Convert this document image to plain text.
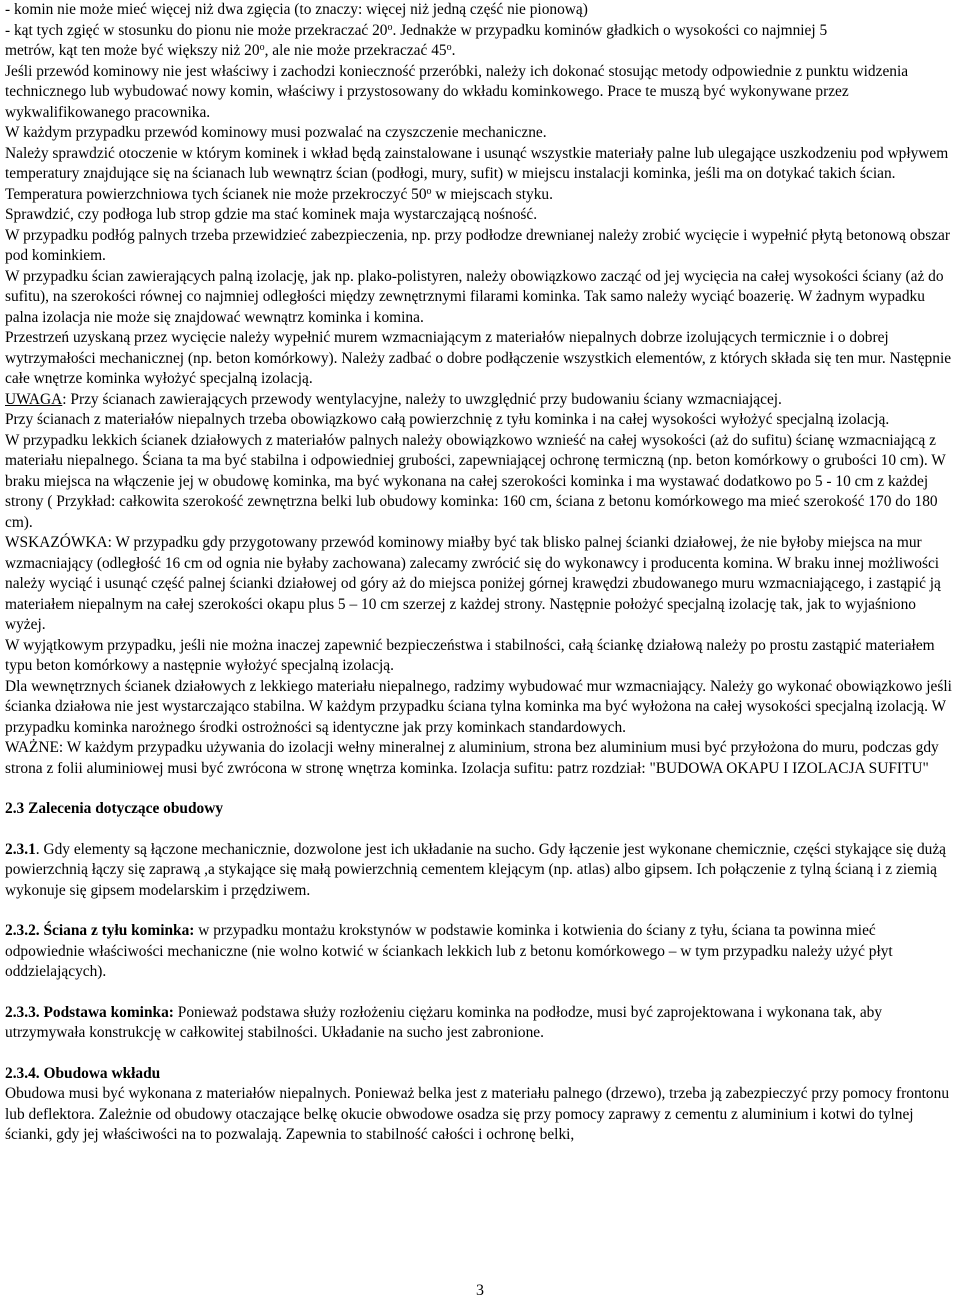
- komin nie może mieć więcej niż dwa zgięcia (to znaczy: więcej niż jedną część nie pionową)

- kąt tych zgięć w stosunku do pionu nie może przekraczać 20$^o$. Jednakże w przypadku kominów gładkich o wysokości co najmniej 5

metrów, kąt ten może być większy niż 20$^o$, ale nie może przekraczać 45$^o$.

Jeśli przewód kominowy nie jest właściwy i zachodzi konieczność przeróbki, należy ich dokonać stosując metody odpowiednie z punktu widzenia technicznego lub wybudować nowy komin, właściwy i przystosowany do wkładu kominkowego. Prace te muszą być wykonywane przez wykwalifikowanego pracownika.

W każdym przypadku przewód kominowy musi pozwalać na czyszczenie mechaniczne.

Należy sprawdzić otoczenie w którym kominek i wkład będą zainstalowane i usunąć wszystkie materiały palne lub ulegające uszkodzeniu pod wpływem temperatury znajdujące się na ścianach lub wewnątrz ścian (podłogi, mury, sufit) w miejscu instalacji kominka, jeśli ma on dotykać takich ścian.

Temperatura powierzchniowa tych ścianek nie może przekroczyć 50$^o$ w miejscach styku.

Sprawdzić, czy podłoga lub strop gdzie ma stać kominek maja wystarczającą nośność.

W przypadku podłóg palnych trzeba przewidzieć zabezpieczenia, np. przy podłodze drewnianej należy zrobić wycięcie i wypełnić płytą betonową obszar pod kominkiem.

W przypadku ścian zawierających palną izolację, jak np. plako-polistyren, należy obowiązkowo zacząć od jej wycięcia na całej wysokości ściany (aż do sufitu), na szerokości równej co najmniej odległości między zewnętrznymi filarami kominka. Tak samo należy wyciąć boazerię. W żadnym wypadku palna izolacja nie może się znajdować wewnątrz kominka i komina.

Przestrzeń uzyskaną przez wycięcie należy wypełnić murem wzmacniającym z materiałów niepalnych dobrze izolujących termicznie i o dobrej wytrzymałości mechanicznej (np. beton komórkowy). Należy zadbać o dobre podłączenie wszystkich elementów, z których składa się ten mur. Następnie całe wnętrze kominka wyłożyć specjalną izolacją.

UWAGA: Przy ścianach zawierających przewody wentylacyjne, należy to uwzględnić przy budowaniu ściany wzmacniającej.

Przy ścianach z materiałów niepalnych trzeba obowiązkowo całą powierzchnię z tyłu kominka i na całej wysokości wyłożyć specjalną izolacją.

W przypadku lekkich ścianek działowych z materiałów palnych należy obowiązkowo wznieść na całej wysokości (aż do sufitu) ścianę wzmacniającą z materiału niepalnego. Ściana ta ma być stabilna i odpowiedniej grubości, zapewniającej ochronę termiczną (np. beton komórkowy o grubości 10 cm). W braku miejsca na włączenie jej w obudowę kominka, ma być wykonana na całej szerokości kominka i ma wystawać dodatkowo po 5 - 10 cm z każdej strony ( Przykład: całkowita szerokość zewnętrzna belki lub obudowy kominka: 160 cm, ściana z betonu komórkowego ma mieć szerokość 170 do 180 cm).

WSKAZÓWKA: W przypadku gdy przygotowany przewód kominowy miałby być tak blisko palnej ścianki działowej, że nie byłoby miejsca na mur wzmacniający (odległość 16 cm od ognia nie byłaby zachowana) zalecamy zwrócić się do wykonawcy i producenta komina. W braku innej możliwości należy wyciąć i usunąć część palnej ścianki działowej od góry aż do miejsca poniżej górnej krawędzi zbudowanego muru wzmacniającego, i zastąpić ją materiałem niepalnym na całej szerokości okapu plus 5 – 10 cm szerzej z każdej strony. Następnie położyć specjalną izolację tak, jak to wyjaśniono wyżej.

W wyjątkowym przypadku, jeśli nie można inaczej zapewnić bezpieczeństwa i stabilności, całą ściankę działową należy po prostu zastąpić materiałem typu beton komórkowy a następnie wyłożyć specjalną izolacją.

Dla wewnętrznych ścianek działowych z lekkiego materiału niepalnego, radzimy wybudować mur wzmacniający. Należy go wykonać obowiązkowo jeśli ścianka działowa nie jest wystarczająco stabilna. W każdym przypadku ściana tylna kominka ma być wyłożona na całej wysokości specjalną izolacją. W przypadku kominka narożnego środki ostrożności są identyczne jak przy kominkach standardowych.

WAŻNE: W każdym przypadku używania do izolacji wełny mineralnej z aluminium, strona bez aluminium musi być przyłożona do muru, podczas gdy strona z folii aluminiowej musi być zwrócona w stronę wnętrza kominka. Izolacja sufitu: patrz rozdział: "BUDOWA OKAPU I IZOLACJA SUFITU"

2.3 Zalecenia dotyczące obudowy

2.3.1. Gdy elementy są łączone mechanicznie, dozwolone jest ich układanie na sucho. Gdy łączenie jest wykonane chemicznie, części stykające się dużą powierzchnią łączy się zaprawą ,a stykające się małą powierzchnią cementem klejącym (np. atlas) albo gipsem. Ich połączenie z tylną ścianą i z ziemią wykonuje się gipsem modelarskim i przędziwem.

2.3.2. Ściana z tyłu kominka: w przypadku montażu krokstynów w podstawie kominka i kotwienia do ściany z tyłu, ściana ta powinna mieć odpowiednie właściwości mechaniczne (nie wolno kotwić w ściankach lekkich lub z betonu komórkowego – w tym przypadku należy użyć płyt oddzielających).

2.3.3. Podstawa kominka: Ponieważ podstawa służy rozłożeniu ciężaru kominka na podłodze, musi być zaprojektowana i wykonana tak, aby utrzymywała konstrukcję w całkowitej stabilności. Układanie na sucho jest zabronione.

2.3.4. Obudowa wkładu

Obudowa musi być wykonana z materiałów niepalnych. Ponieważ belka jest z materiału palnego (drzewo), trzeba ją zabezpieczyć przy pomocy frontonu lub deflektora. Zależnie od obudowy otaczające belkę okucie obwodowe osadza się przy pomocy zaprawy z cementu z aluminium i kotwi do tylnej ścianki, gdy jej właściwości na to pozwalają. Zapewnia to stabilność całości i ochronę belki,

3
